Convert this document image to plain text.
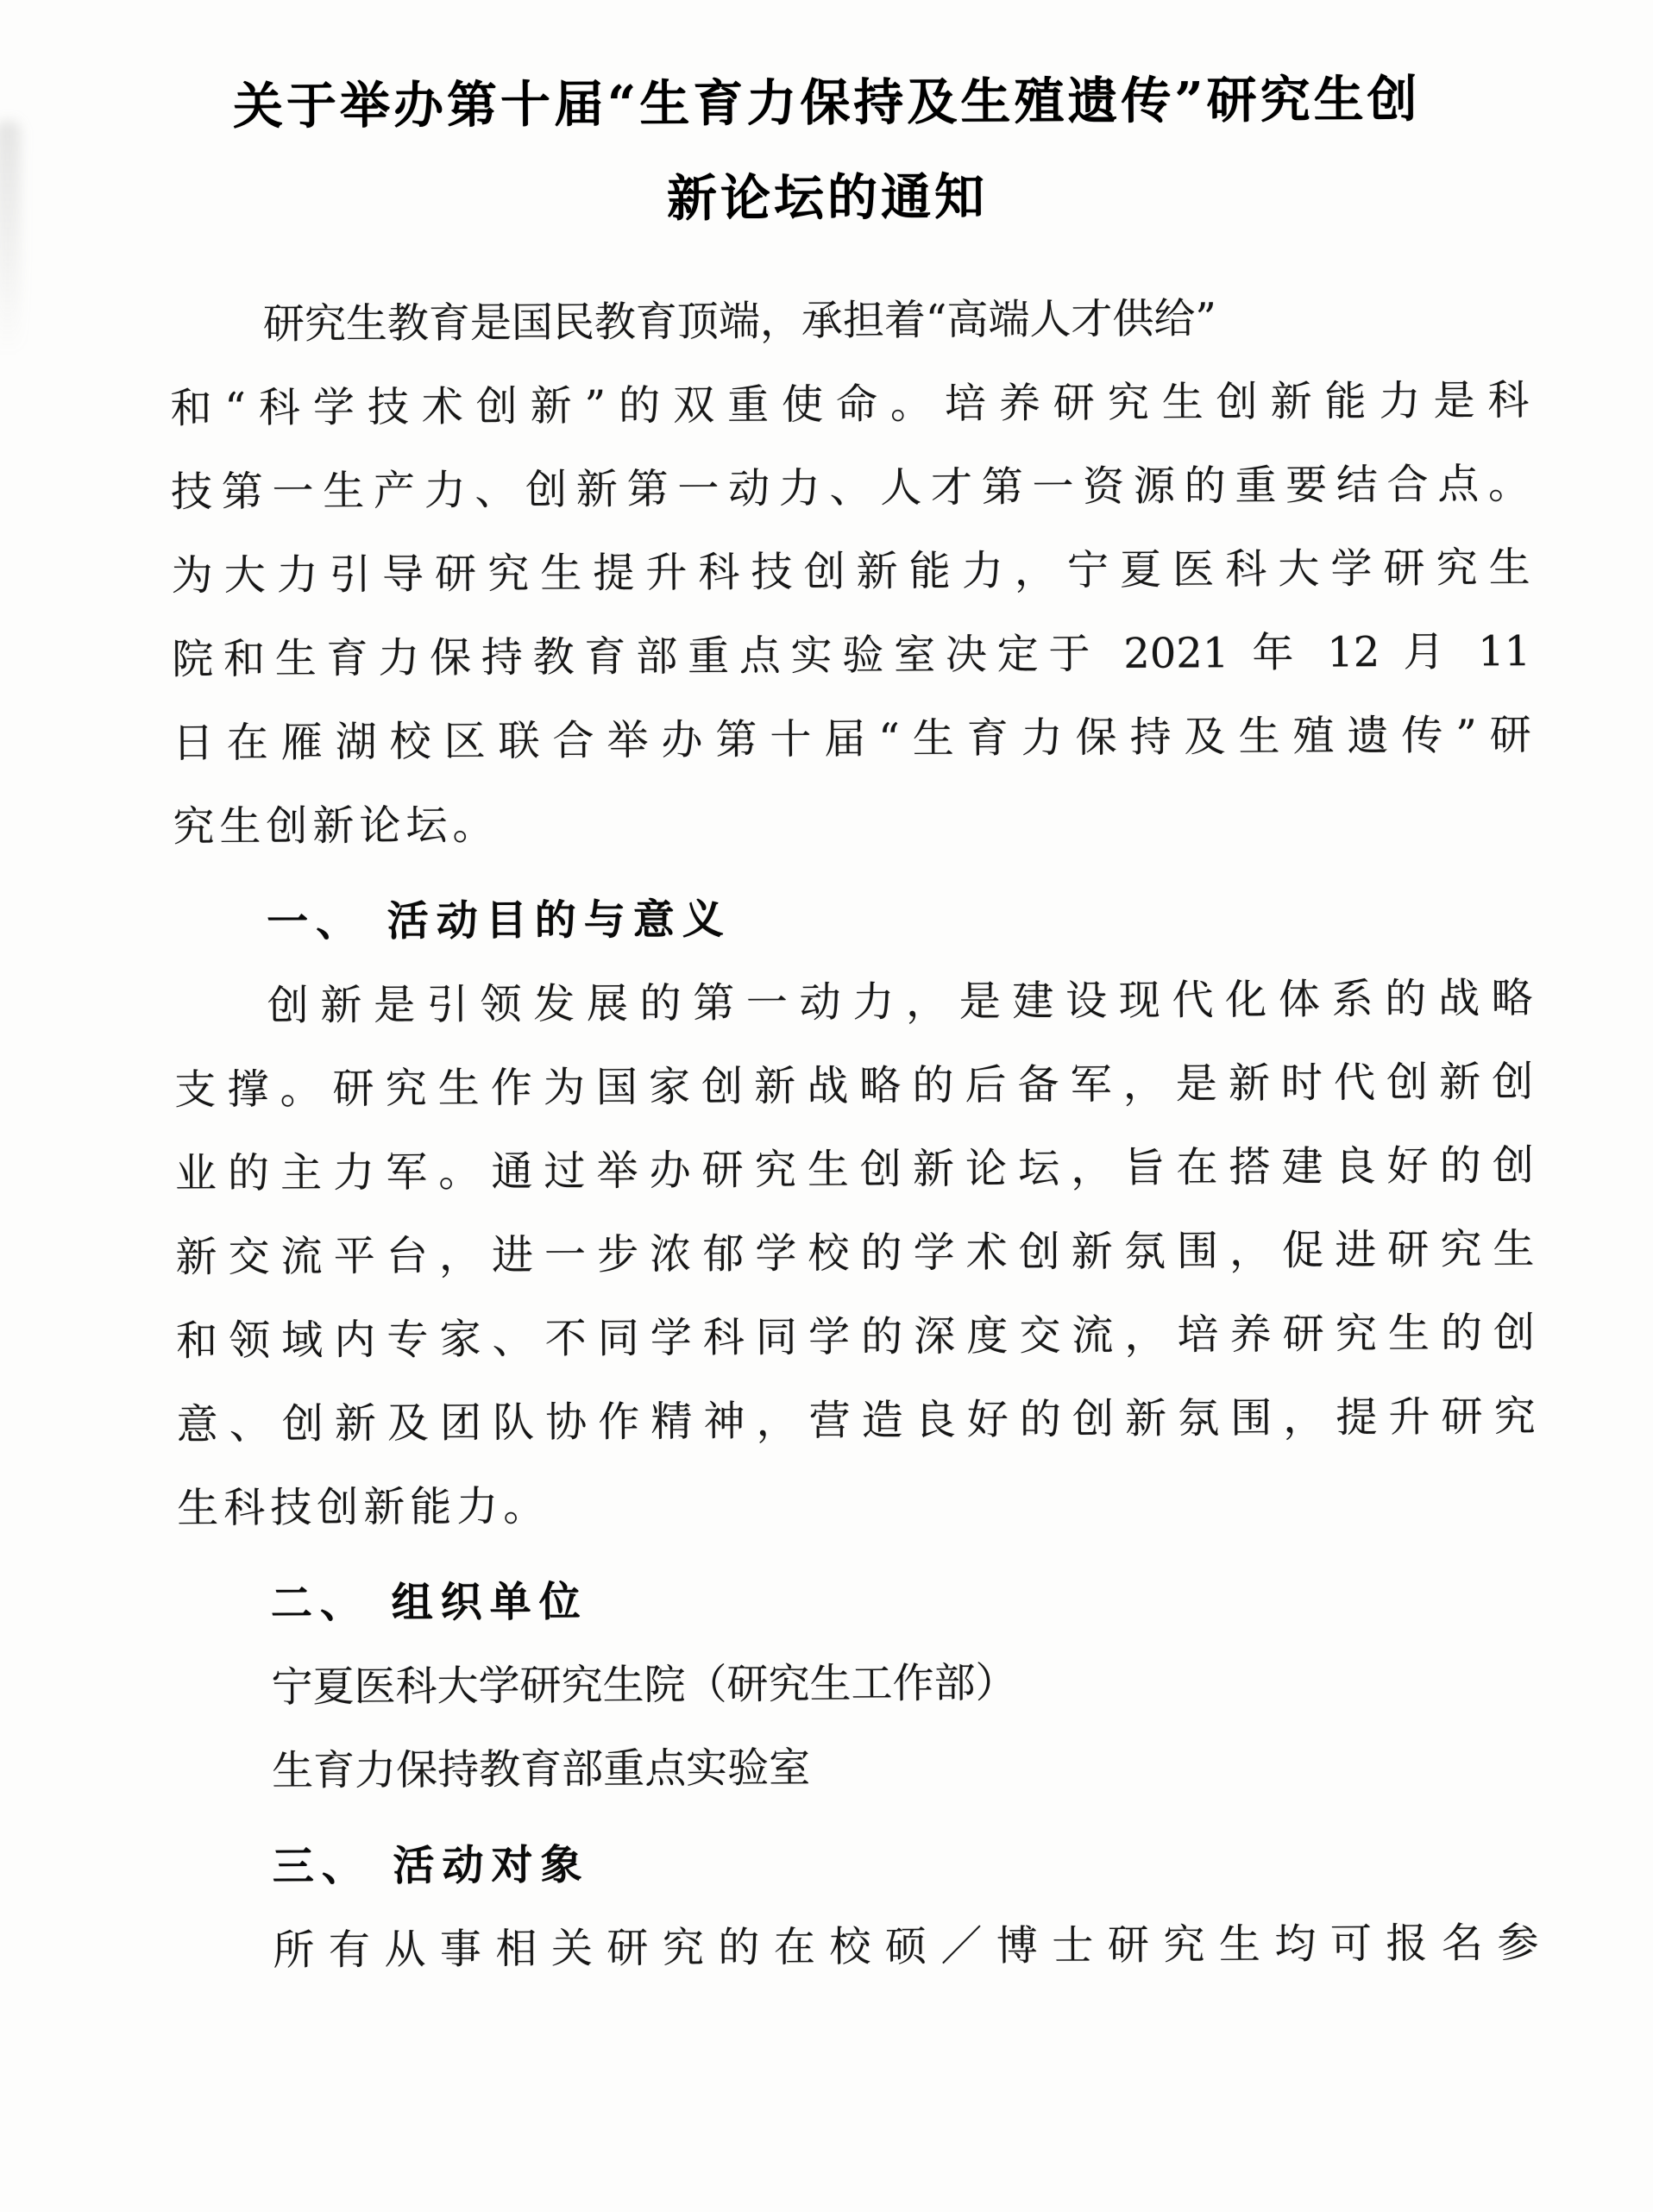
关于举办第十届“生育力保持及生殖遗传”研究生创
新论坛的通知
研究生教育是国民教育顶端，承担着“高端人才供给”
和“科学技术创新”的双重使命。培养研究生创新能力是科
技第一生产力、创新第一动力、人才第一资源的重要结合点。
为大力引导研究生提升科技创新能力，宁夏医科大学研究生
院和生育力保持教育部重点实验室决定于 2021 年 12 月 11
日在雁湖校区联合举办第十届“生育力保持及生殖遗传”研
究生创新论坛。
一、 活动目的与意义
创新是引领发展的第一动力，是建设现代化体系的战略
支撑。研究生作为国家创新战略的后备军，是新时代创新创
业的主力军。通过举办研究生创新论坛，旨在搭建良好的创
新交流平台，进一步浓郁学校的学术创新氛围，促进研究生
和领域内专家、不同学科同学的深度交流，培养研究生的创
意、创新及团队协作精神，营造良好的创新氛围，提升研究
生科技创新能力。
二、 组织单位
宁夏医科大学研究生院（研究生工作部）
生育力保持教育部重点实验室
三、 活动对象
所有从事相关研究的在校硕／博士研究生均可报名参
